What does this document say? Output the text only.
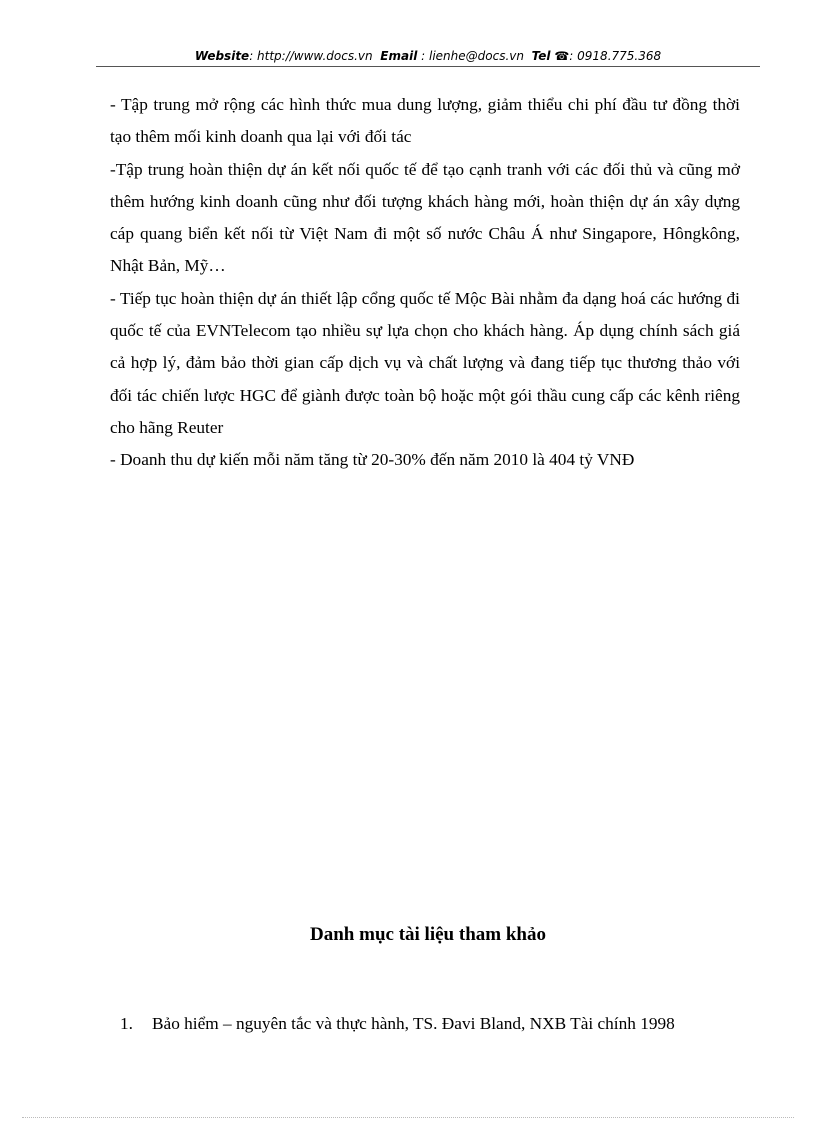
Website: http://www.docs.vn Email : lienhe@docs.vn Tel ☎: 0918.775.368

- Tập trung mở rộng các hình thức mua dung lượng, giảm thiểu chi phí đầu tư đồng thời tạo thêm mối kinh doanh qua lại với đối tác

-Tập trung hoàn thiện dự án kết nối quốc tế để tạo cạnh tranh với các đối thủ và cũng mở thêm hướng kinh doanh cũng như đối tượng khách hàng mới, hoàn thiện dự án xây dựng cáp quang biển kết nối từ Việt Nam đi một số nước Châu Á như Singapore, Hôngkông, Nhật Bản, Mỹ…

- Tiếp tục hoàn thiện dự án thiết lập cổng quốc tế Mộc Bài nhằm đa dạng hoá các hướng đi quốc tế của EVNTelecom tạo nhiều sự lựa chọn cho khách hàng. Áp dụng chính sách giá cả hợp lý, đảm bảo thời gian cấp dịch vụ và chất lượng và đang tiếp tục thương thảo với đối tác chiến lược HGC để giành được toàn bộ hoặc một gói thầu cung cấp các kênh riêng cho hãng Reuter

- Doanh thu dự kiến mỗi năm tăng từ 20-30% đến năm 2010 là 404 tỷ VNĐ

Danh mục tài liệu tham khảo
1. Bảo hiểm – nguyên tắc và thực hành, TS. Đavi Bland, NXB Tài chính 1998
